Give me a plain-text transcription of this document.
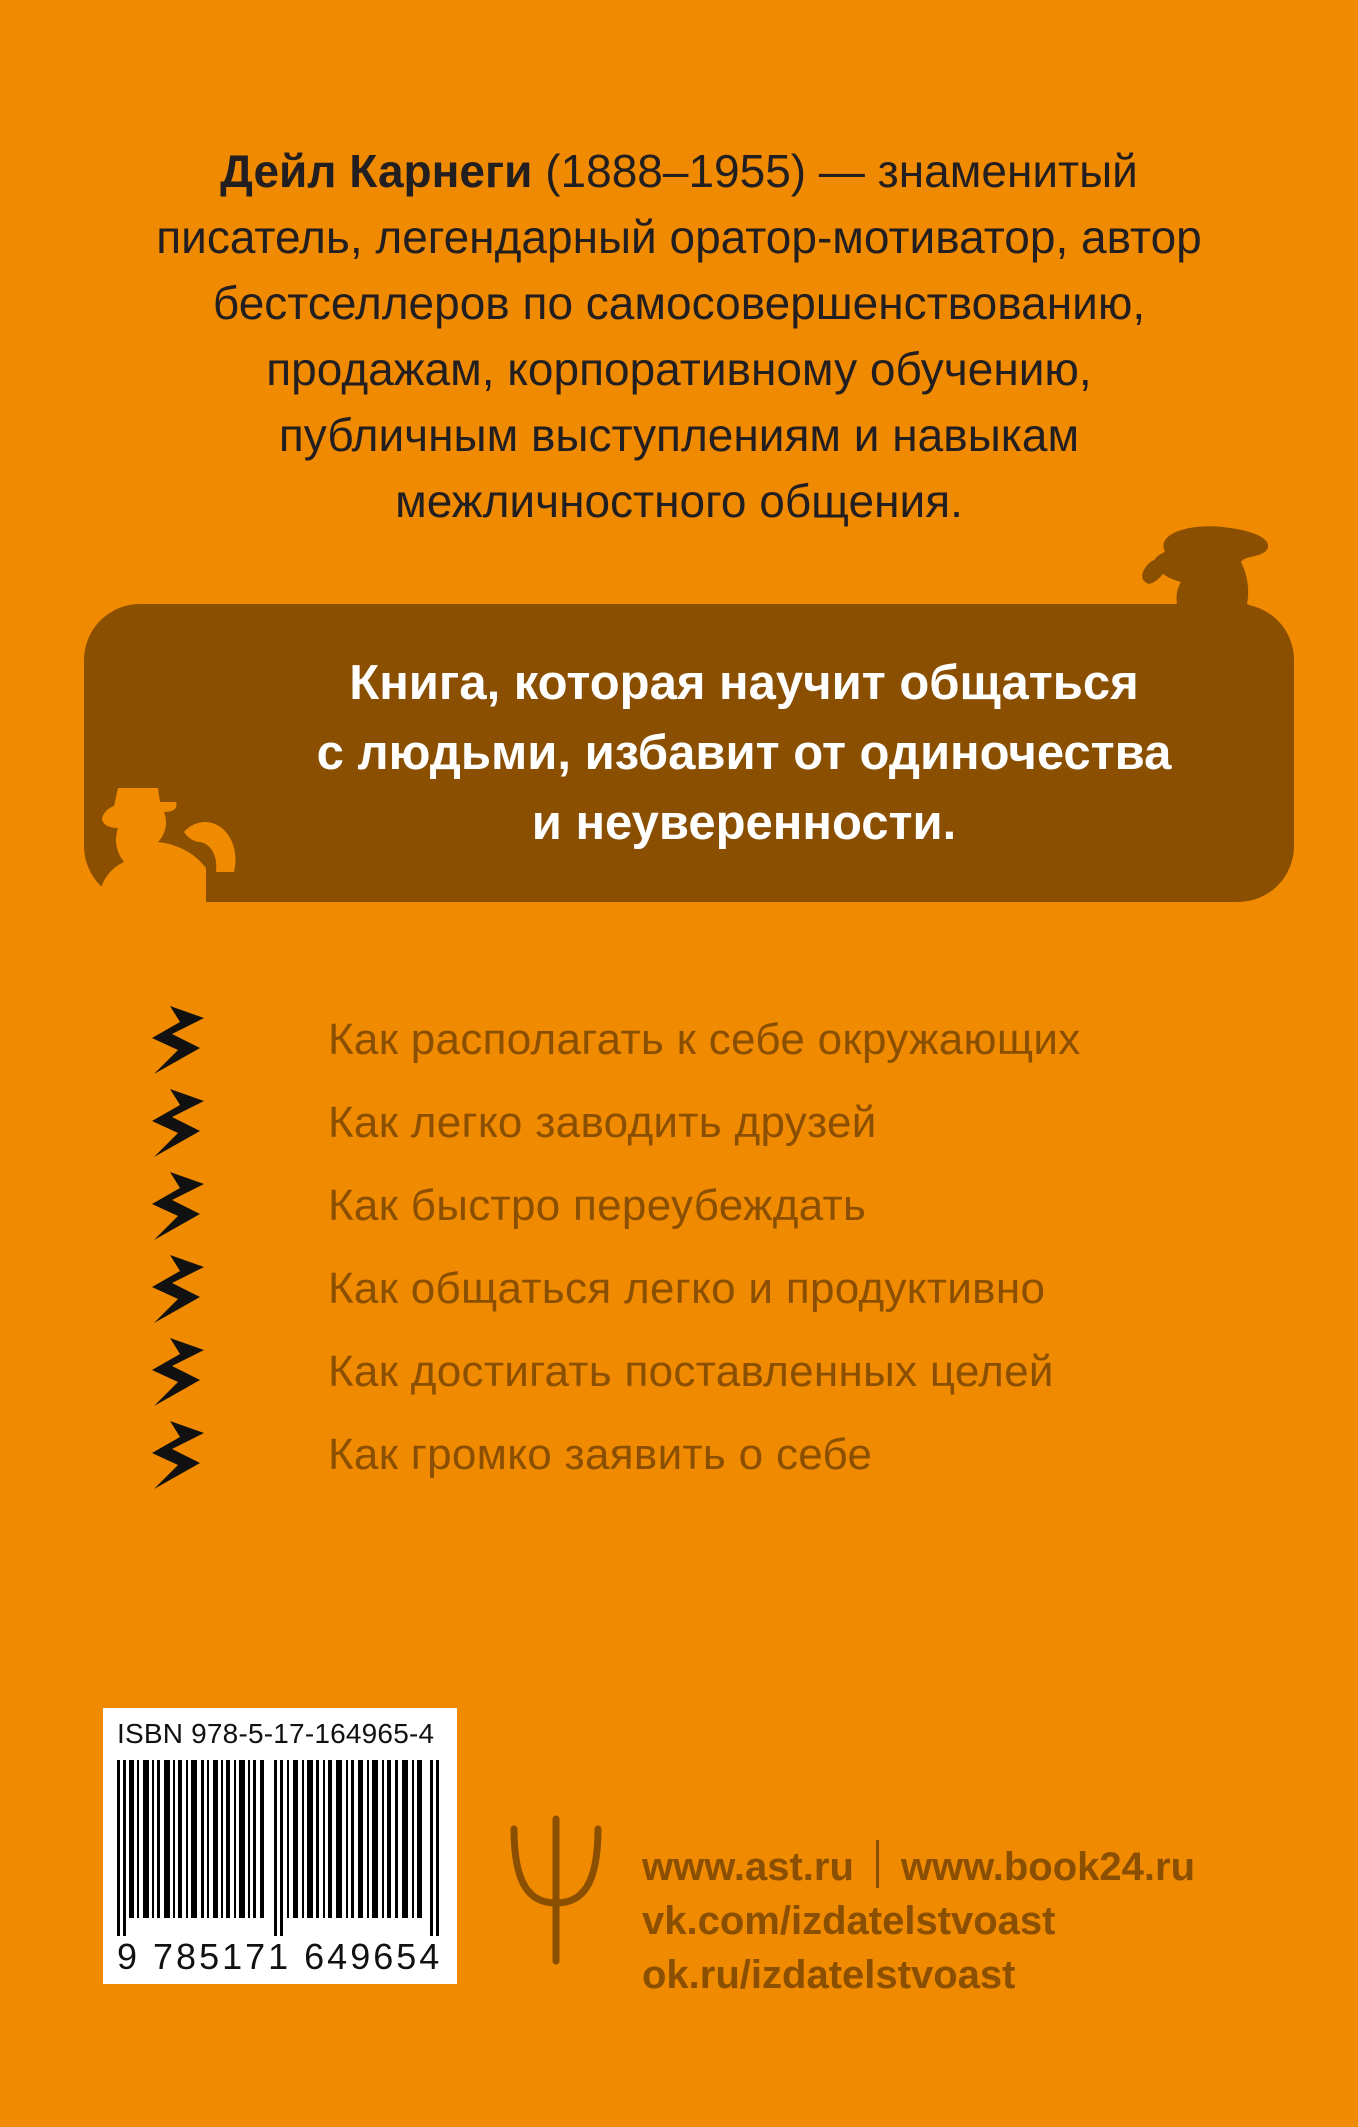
Дейл Карнеги (1888–1955) — знаменитый
писатель, легендарный оратор-мотиватор, автор
бестселлеров по самосовершенствованию,
продажам, корпоративному обучению,
публичным выступлениям и навыкам
межличностного общения.
Книга, которая научит общаться
с людьми, избавит от одиночества
и неуверенности.
Как располагать к себе окружающих
Как легко заводить друзей
Как быстро переубеждать
Как общаться легко и продуктивно
Как достигать поставленных целей
Как громко заявить о себе
ISBN 978-5-17-164965-4
9 785171 649654
www.ast.ru www.book24.ru
vk.com/izdatelstvoast
ok.ru/izdatelstvoast
